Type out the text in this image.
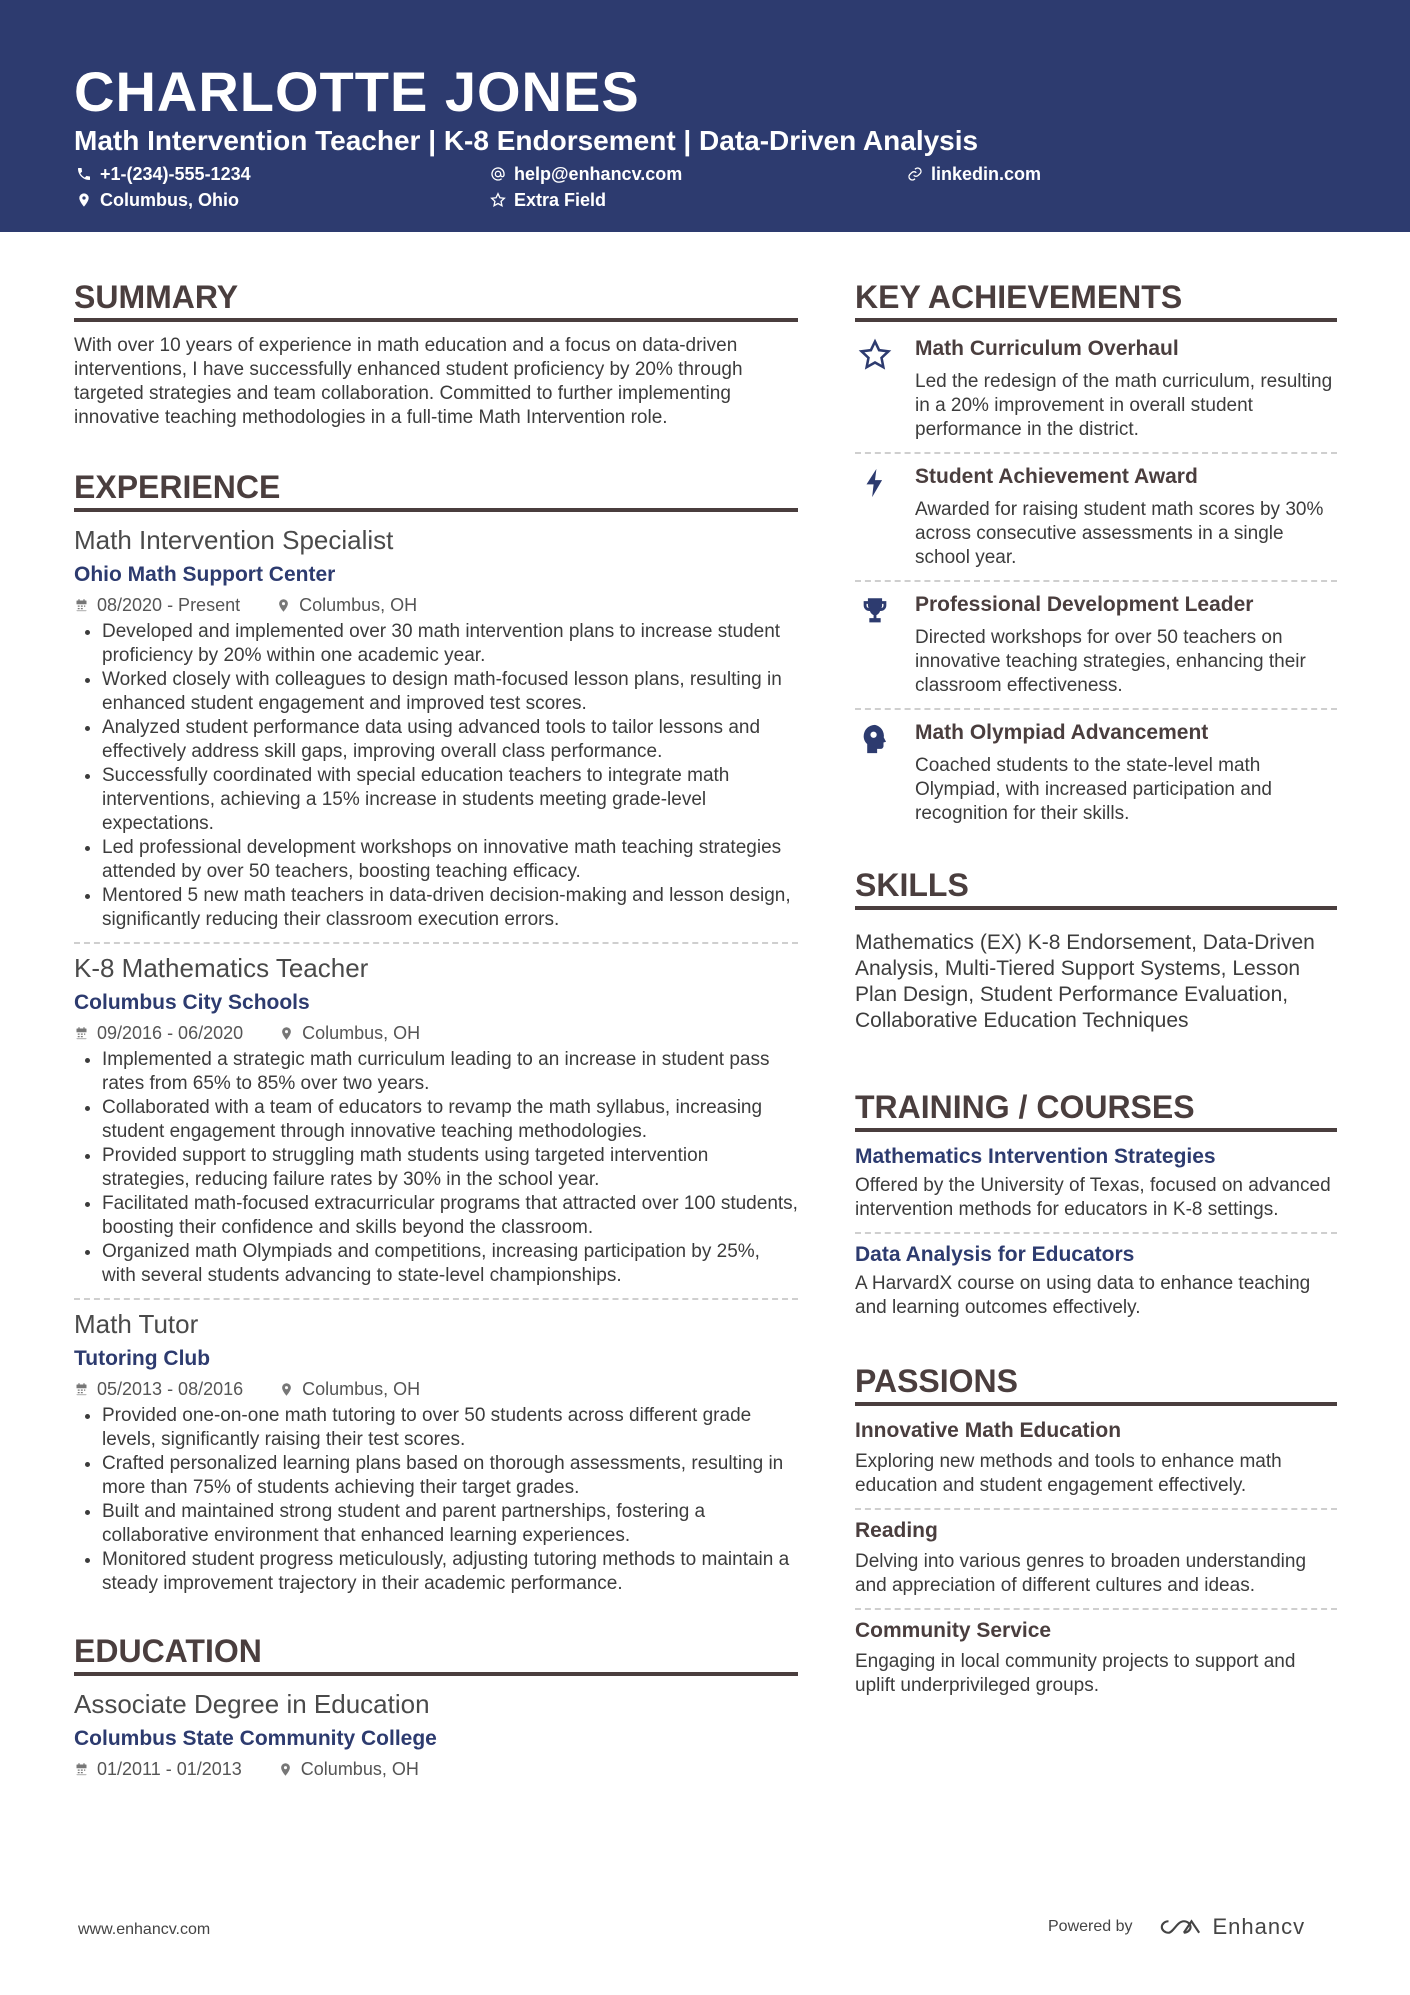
CHARLOTTE JONES
Math Intervention Teacher | K-8 Endorsement | Data-Driven Analysis
+1-(234)-555-1234	help@enhancv.com	linkedin.com
Columbus, Ohio	Extra Field
SUMMARY

With over 10 years of experience in math education and a focus on data-driven interventions, I have successfully enhanced student proficiency by 20% through targeted strategies and team collaboration. Committed to further implementing innovative teaching methodologies in a full-time Math Intervention role.

EXPERIENCE
Math Intervention Specialist
Ohio Math Support Center
08/2020 - Present	Columbus, OH
• Developed and implemented over 30 math intervention plans to increase student proficiency by 20% within one academic year.
• Worked closely with colleagues to design math-focused lesson plans, resulting in enhanced student engagement and improved test scores.
• Analyzed student performance data using advanced tools to tailor lessons and effectively address skill gaps, improving overall class performance.
• Successfully coordinated with special education teachers to integrate math interventions, achieving a 15% increase in students meeting grade-level expectations.
• Led professional development workshops on innovative math teaching strategies attended by over 50 teachers, boosting teaching efficacy.
• Mentored 5 new math teachers in data-driven decision-making and lesson design, significantly reducing their classroom execution errors.
K-8 Mathematics Teacher
Columbus City Schools
09/2016 - 06/2020	Columbus, OH
• Implemented a strategic math curriculum leading to an increase in student pass rates from 65% to 85% over two years.
• Collaborated with a team of educators to revamp the math syllabus, increasing student engagement through innovative teaching methodologies.
• Provided support to struggling math students using targeted intervention strategies, reducing failure rates by 30% in the school year.
• Facilitated math-focused extracurricular programs that attracted over 100 students, boosting their confidence and skills beyond the classroom.
• Organized math Olympiads and competitions, increasing participation by 25%, with several students advancing to state-level championships.
Math Tutor
Tutoring Club
05/2013 - 08/2016	Columbus, OH
• Provided one-on-one math tutoring to over 50 students across different grade levels, significantly raising their test scores.
• Crafted personalized learning plans based on thorough assessments, resulting in more than 75% of students achieving their target grades.
• Built and maintained strong student and parent partnerships, fostering a collaborative environment that enhanced learning experiences.
• Monitored student progress meticulously, adjusting tutoring methods to maintain a steady improvement trajectory in their academic performance.
EDUCATION
Associate Degree in Education
Columbus State Community College
01/2011 - 01/2013	Columbus, OH
KEY ACHIEVEMENTS
Math Curriculum Overhaul
Led the redesign of the math curriculum, resulting in a 20% improvement in overall student performance in the district.
Student Achievement Award
Awarded for raising student math scores by 30% across consecutive assessments in a single school year.
Professional Development Leader
Directed workshops for over 50 teachers on innovative teaching strategies, enhancing their classroom effectiveness.
Math Olympiad Advancement
Coached students to the state-level math Olympiad, with increased participation and recognition for their skills.
SKILLS

Mathematics (EX) K-8 Endorsement, Data-Driven Analysis, Multi-Tiered Support Systems, Lesson Plan Design, Student Performance Evaluation, Collaborative Education Techniques

TRAINING / COURSES
Mathematics Intervention Strategies
Offered by the University of Texas, focused on advanced intervention methods for educators in K-8 settings.
Data Analysis for Educators
A HarvardX course on using data to enhance teaching and learning outcomes effectively.
PASSIONS
Innovative Math Education
Exploring new methods and tools to enhance math education and student engagement effectively.
Reading
Delving into various genres to broaden understanding and appreciation of different cultures and ideas.
Community Service
Engaging in local community projects to support and uplift underprivileged groups.
www.enhancv.com	Powered by	Enhancv
